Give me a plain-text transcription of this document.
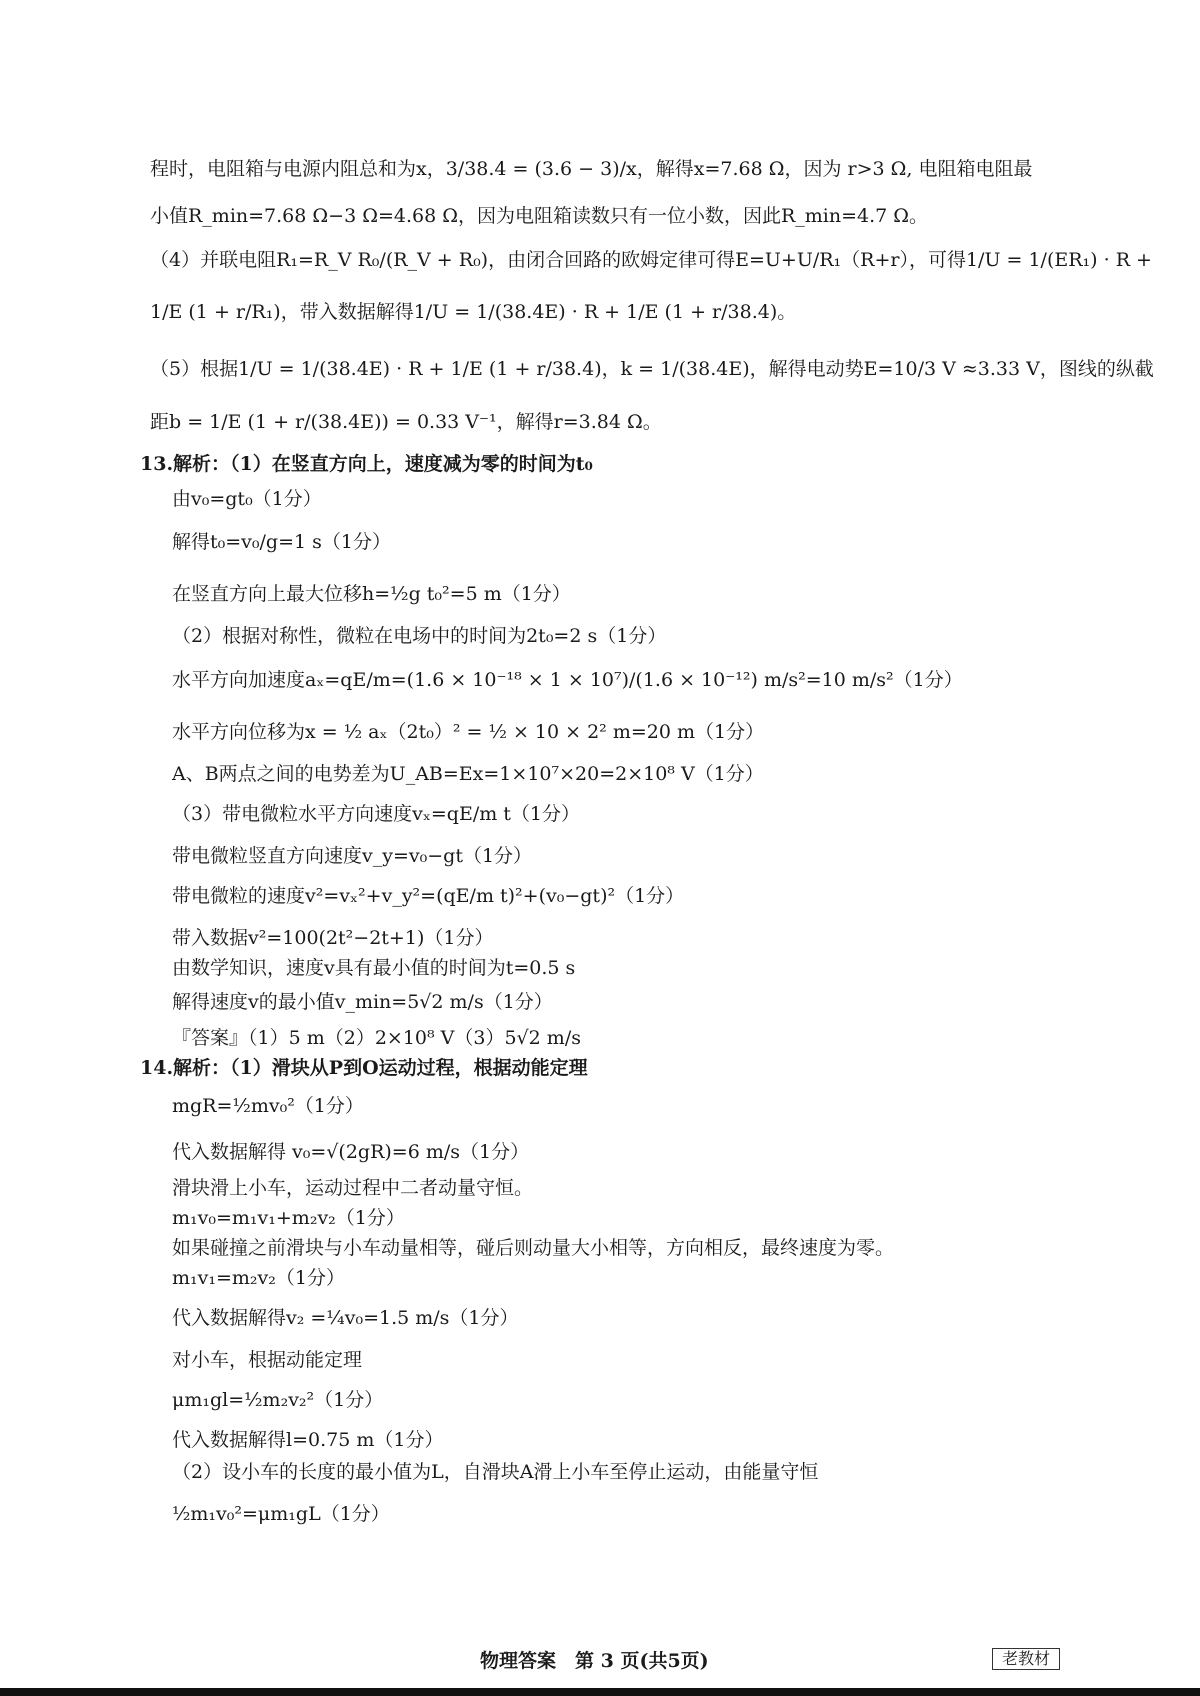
程时，电阻箱与电源内阻总和为x，3/38.4 = (3.6 − 3)/x，解得x=7.68 Ω，因为 r>3 Ω, 电阻箱电阻最
小值R_min=7.68 Ω−3 Ω=4.68 Ω，因为电阻箱读数只有一位小数，因此R_min=4.7 Ω。
（4）并联电阻R₁=R_V R₀/(R_V + R₀)，由闭合回路的欧姆定律可得E=U+U/R₁（R+r），可得1/U = 1/(ER₁) · R +
1/E (1 + r/R₁)，带入数据解得1/U = 1/(38.4E) · R + 1/E (1 + r/38.4)。
（5）根据1/U = 1/(38.4E) · R + 1/E (1 + r/38.4)，k = 1/(38.4E)，解得电动势E=10/3 V ≈3.33 V，图线的纵截
距b = 1/E (1 + r/(38.4E)) = 0.33 V⁻¹，解得r=3.84 Ω。
13.解析：（1）在竖直方向上，速度减为零的时间为t₀
由v₀=gt₀（1分）
解得t₀=v₀/g=1 s（1分）
在竖直方向上最大位移h=½g t₀²=5 m（1分）
（2）根据对称性，微粒在电场中的时间为2t₀=2 s（1分）
水平方向加速度aₓ=qE/m=(1.6 × 10⁻¹⁸ × 1 × 10⁷)/(1.6 × 10⁻¹²) m/s²=10 m/s²（1分）
水平方向位移为x = ½ aₓ（2t₀）² = ½ × 10 × 2² m=20 m（1分）
A、B两点之间的电势差为U_AB=Ex=1×10⁷×20=2×10⁸ V（1分）
（3）带电微粒水平方向速度vₓ=qE/m t（1分）
带电微粒竖直方向速度v_y=v₀−gt（1分）
带电微粒的速度v²=vₓ²+v_y²=(qE/m t)²+(v₀−gt)²（1分）
带入数据v²=100(2t²−2t+1)（1分）
由数学知识，速度v具有最小值的时间为t=0.5 s
解得速度v的最小值v_min=5√2 m/s（1分）
『答案』（1）5 m（2）2×10⁸ V（3）5√2 m/s
14.解析：（1）滑块从P到O运动过程，根据动能定理
mgR=½mv₀²（1分）
代入数据解得 v₀=√(2gR)=6 m/s（1分）
滑块滑上小车，运动过程中二者动量守恒。
m₁v₀=m₁v₁+m₂v₂（1分）
如果碰撞之前滑块与小车动量相等，碰后则动量大小相等，方向相反，最终速度为零。
m₁v₁=m₂v₂（1分）
代入数据解得v₂ =¼v₀=1.5 m/s（1分）
对小车，根据动能定理
μm₁gl=½m₂v₂²（1分）
代入数据解得l=0.75 m（1分）
（2）设小车的长度的最小值为L，自滑块A滑上小车至停止运动，由能量守恒
½m₁v₀²=μm₁gL（1分）
物理答案　第 3 页(共5页)	老教材
